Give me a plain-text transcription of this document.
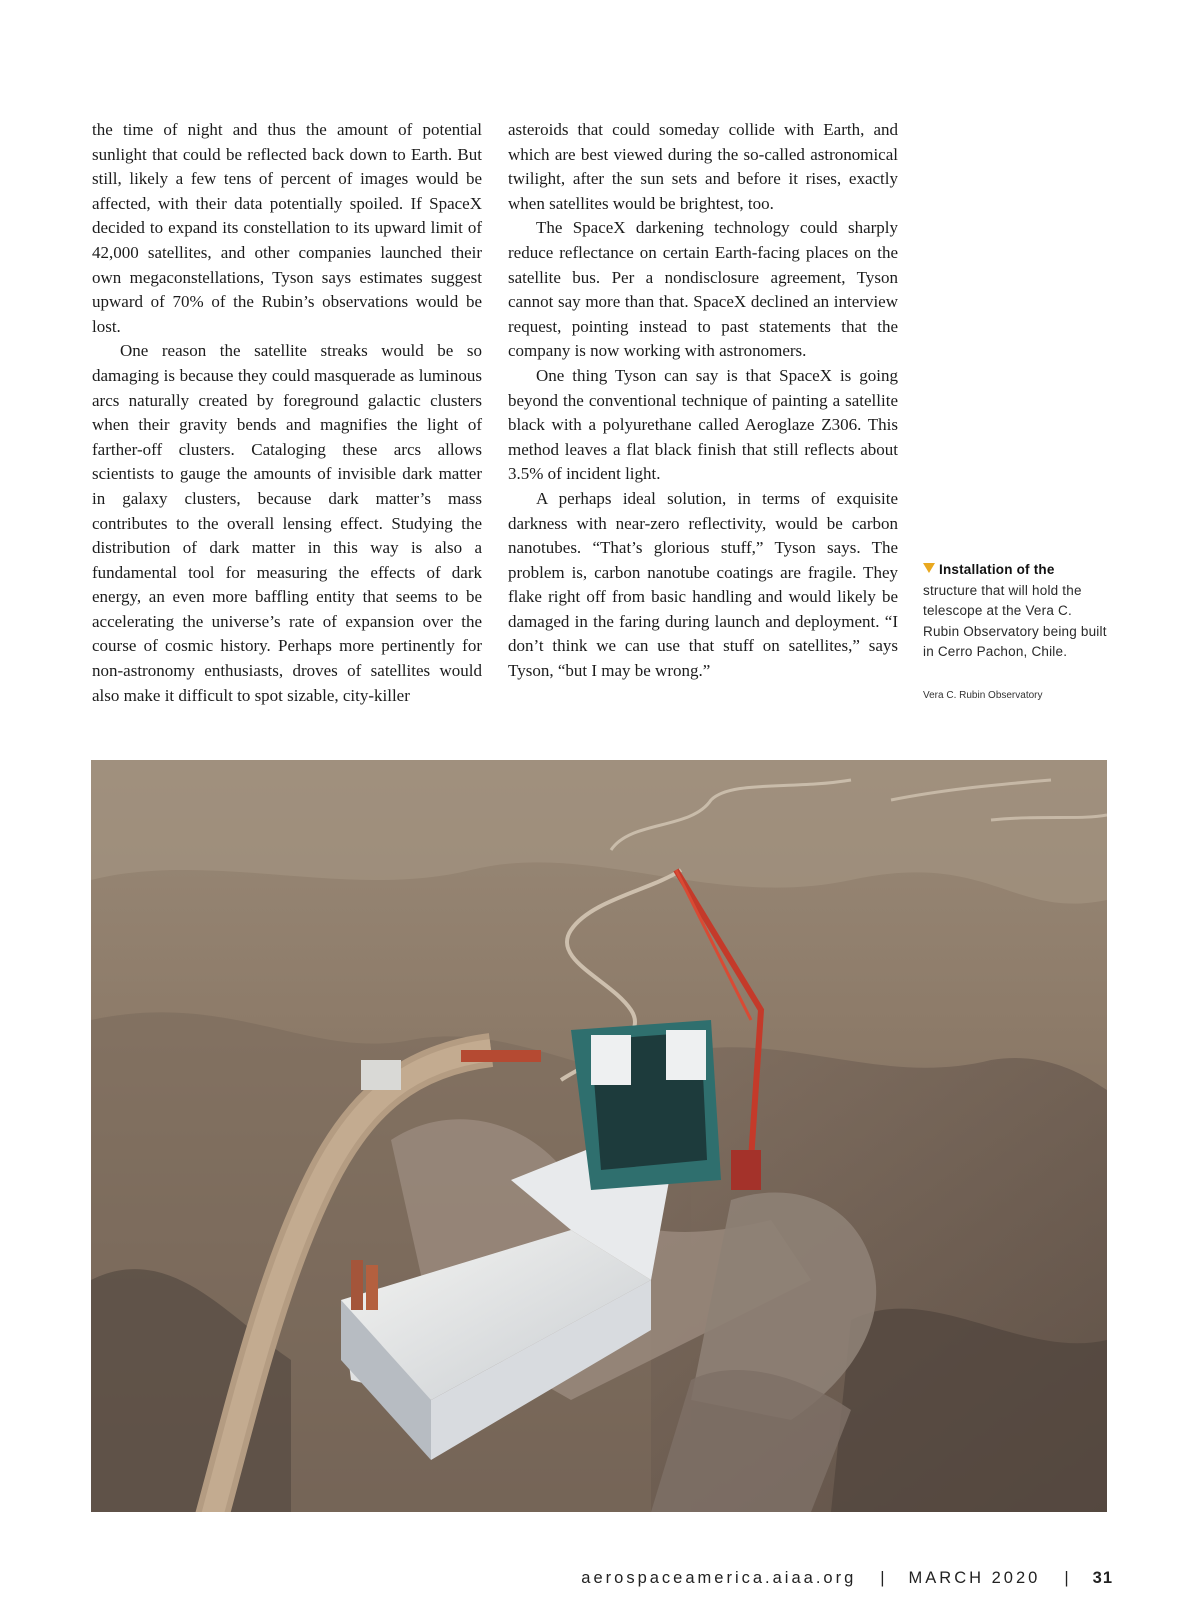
the time of night and thus the amount of potential sunlight that could be reflected back down to Earth. But still, likely a few tens of percent of images would be affected, with their data potentially spoiled. If SpaceX decided to expand its constellation to its upward limit of 42,000 satellites, and other companies launched their own megaconstellations, Tyson says estimates suggest upward of 70% of the Rubin’s observations would be lost.

One reason the satellite streaks would be so damaging is because they could masquerade as luminous arcs naturally created by foreground galactic clusters when their gravity bends and magnifies the light of farther-off clusters. Cataloging these arcs allows scientists to gauge the amounts of invisible dark matter in galaxy clusters, because dark matter’s mass contributes to the overall lensing effect. Studying the distribution of dark matter in this way is also a fundamental tool for measuring the effects of dark energy, an even more baffling entity that seems to be accelerating the universe’s rate of expansion over the course of cosmic history. Perhaps more pertinently for non-astronomy enthusiasts, droves of satellites would also make it difficult to spot sizable, city-killer

asteroids that could someday collide with Earth, and which are best viewed during the so-called astronomical twilight, after the sun sets and before it rises, exactly when satellites would be brightest, too.

The SpaceX darkening technology could sharply reduce reflectance on certain Earth-facing places on the satellite bus. Per a nondisclosure agreement, Tyson cannot say more than that. SpaceX declined an interview request, pointing instead to past statements that the company is now working with astronomers.

One thing Tyson can say is that SpaceX is going beyond the conventional technique of painting a satellite black with a polyurethane called Aeroglaze Z306. This method leaves a flat black finish that still reflects about 3.5% of incident light.

A perhaps ideal solution, in terms of exquisite darkness with near-zero reflectivity, would be carbon nanotubes. “That’s glorious stuff,” Tyson says. The problem is, carbon nanotube coatings are fragile. They flake right off from basic handling and would likely be damaged in the faring during launch and deployment. “I don’t think we can use that stuff on satellites,” says Tyson, “but I may be wrong.”

Installation of the structure that will hold the telescope at the Vera C. Rubin Observatory being built in Cerro Pachon, Chile.
Vera C. Rubin Observatory
aerospaceamerica.aiaa.org | MARCH 2020 | 31
